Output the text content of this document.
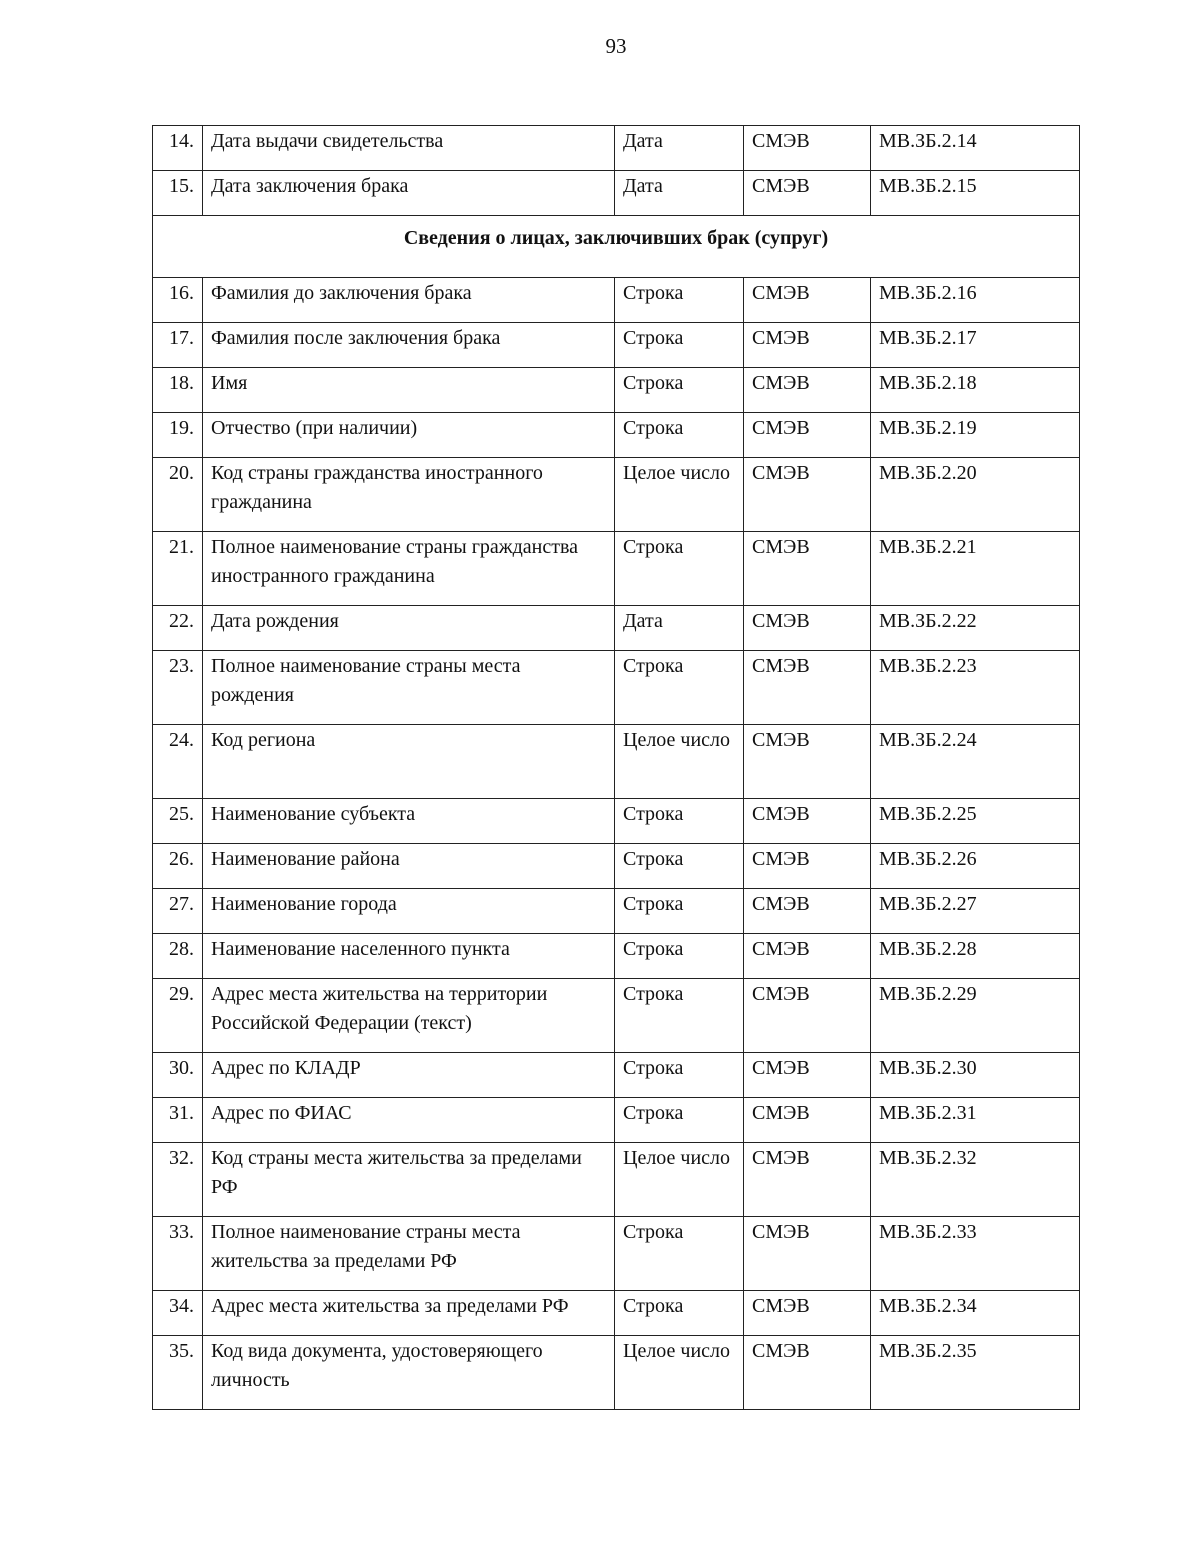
93
14.	Дата выдачи свидетельства	Дата	СМЭВ	МВ.ЗБ.2.14
15.	Дата заключения брака	Дата	СМЭВ	МВ.ЗБ.2.15
Сведения о лицах, заключивших брак (супруг)				
16.	Фамилия до заключения брака	Строка	СМЭВ	МВ.ЗБ.2.16
17.	Фамилия после заключения брака	Строка	СМЭВ	МВ.ЗБ.2.17
18.	Имя	Строка	СМЭВ	МВ.ЗБ.2.18
19.	Отчество (при наличии)	Строка	СМЭВ	МВ.ЗБ.2.19
20.	Код страны гражданства иностранного гражданина	Целое число	СМЭВ	МВ.ЗБ.2.20
21.	Полное наименование страны гражданства иностранного гражданина	Строка	СМЭВ	МВ.ЗБ.2.21
22.	Дата рождения	Дата	СМЭВ	МВ.ЗБ.2.22
23.	Полное наименование страны места рождения	Строка	СМЭВ	МВ.ЗБ.2.23
24.	Код региона	Целое число	СМЭВ	МВ.ЗБ.2.24
25.	Наименование субъекта	Строка	СМЭВ	МВ.ЗБ.2.25
26.	Наименование района	Строка	СМЭВ	МВ.ЗБ.2.26
27.	Наименование города	Строка	СМЭВ	МВ.ЗБ.2.27
28.	Наименование населенного пункта	Строка	СМЭВ	МВ.ЗБ.2.28
29.	Адрес места жительства на территории Российской Федерации (текст)	Строка	СМЭВ	МВ.ЗБ.2.29
30.	Адрес по КЛАДР	Строка	СМЭВ	МВ.ЗБ.2.30
31.	Адрес по ФИАС	Строка	СМЭВ	МВ.ЗБ.2.31
32.	Код страны места жительства за пределами РФ	Целое число	СМЭВ	МВ.ЗБ.2.32
33.	Полное наименование страны места жительства за пределами РФ	Строка	СМЭВ	МВ.ЗБ.2.33
34.	Адрес места жительства за пределами РФ	Строка	СМЭВ	МВ.ЗБ.2.34
35.	Код вида документа, удостоверяющего личность	Целое число	СМЭВ	МВ.ЗБ.2.35
